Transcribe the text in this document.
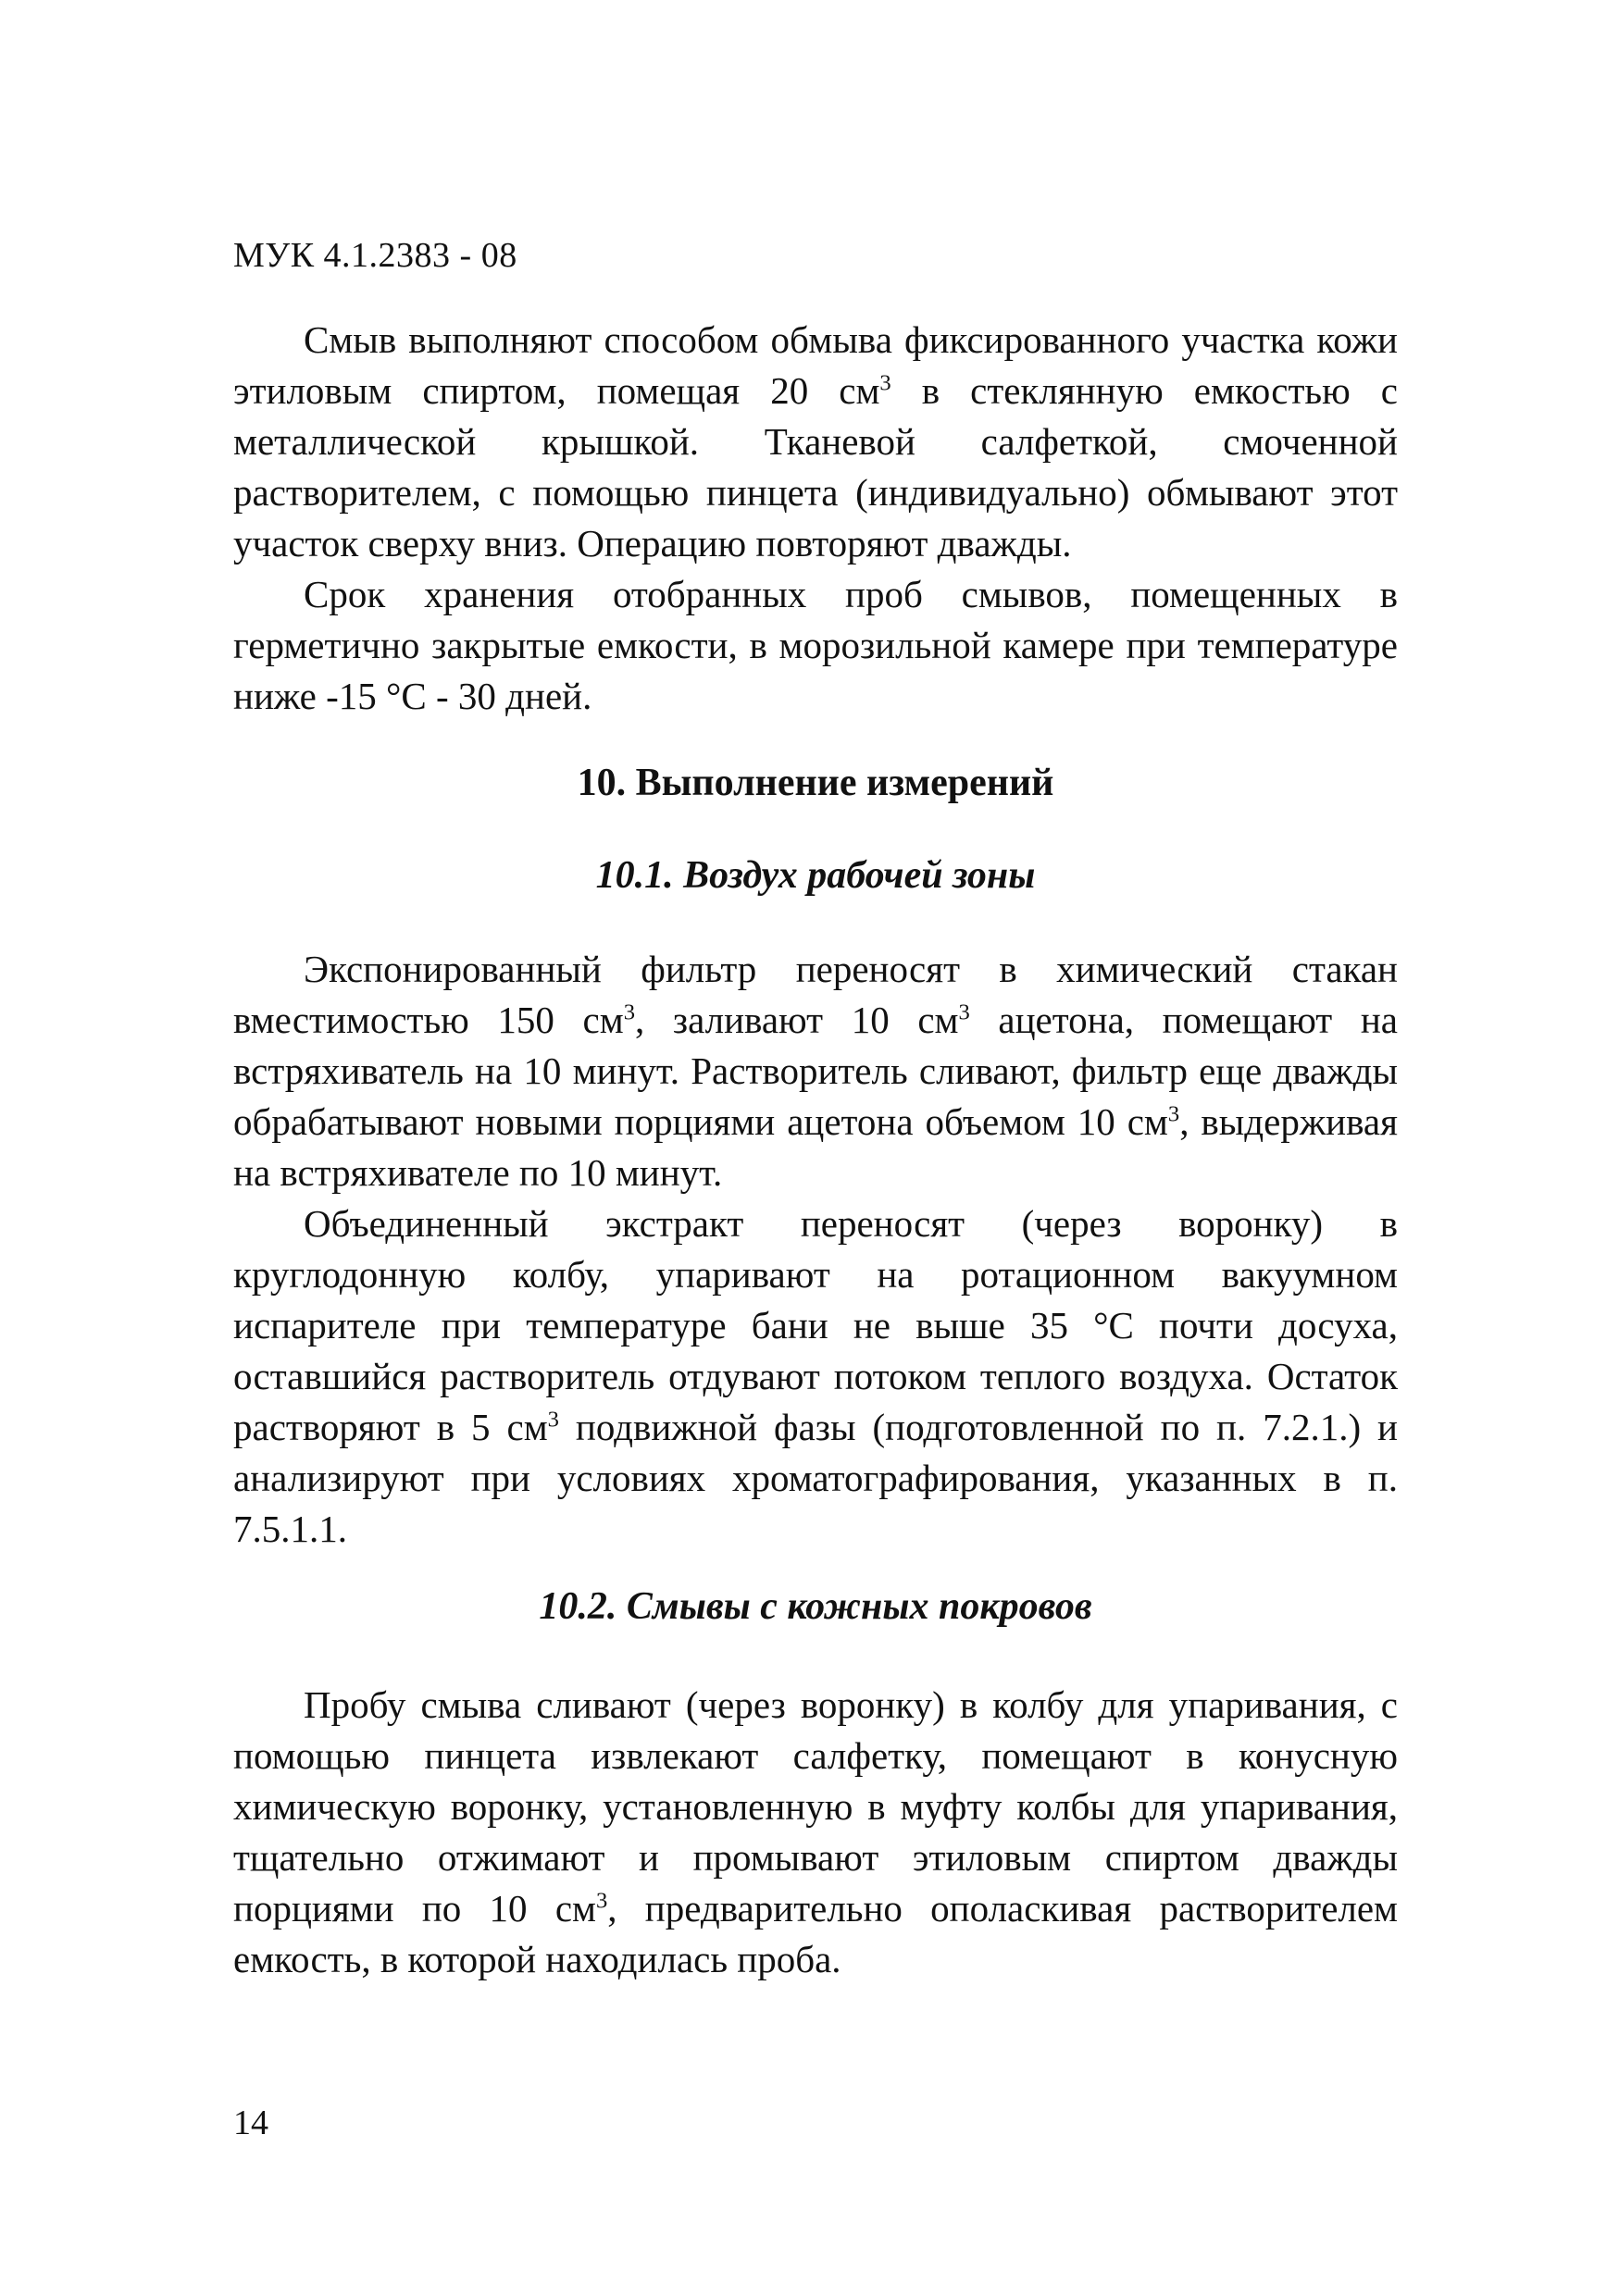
МУК 4.1.2383 - 08

Смыв выполняют способом обмыва фиксированного участка кожи этиловым спиртом, помещая 20 $см^3$ в стеклянную емкостью с металлической крышкой. Тканевой салфеткой, смоченной растворителем, с помощью пинцета (индивидуально) обмывают этот участок сверху вниз. Операцию повторяют дважды.

Срок хранения отобранных проб смывов, помещенных в герметично закрытые емкости, в морозильной камере при температуре ниже -15 °С - 30 дней.

10. Выполнение измерений
10.1. Воздух рабочей зоны

Экспонированный фильтр переносят в химический стакан вместимостью 150 $см^3$, заливают 10 $см^3$ ацетона, помещают на встряхиватель на 10 минут. Растворитель сливают, фильтр еще дважды обрабатывают новыми порциями ацетона объемом 10 $см^3$, выдерживая на встряхивателе по 10 минут.

Объединенный экстракт переносят (через воронку) в круглодонную колбу, упаривают на ротационном вакуумном испарителе при температуре бани не выше 35 °С почти досуха, оставшийся растворитель отдувают потоком теплого воздуха. Остаток растворяют в 5 $см^3$ подвижной фазы (подготовленной по п. 7.2.1.) и анализируют при условиях хроматографирования, указанных в п. 7.5.1.1.

10.2. Смывы с кожных покровов

Пробу смыва сливают (через воронку) в колбу для упаривания, с помощью пинцета извлекают салфетку, помещают в конусную химическую воронку, установленную в муфту колбы для упаривания, тщательно отжимают и промывают этиловым спиртом дважды порциями по 10 $см^3$, предварительно ополаскивая растворителем емкость, в которой находилась проба.

14
